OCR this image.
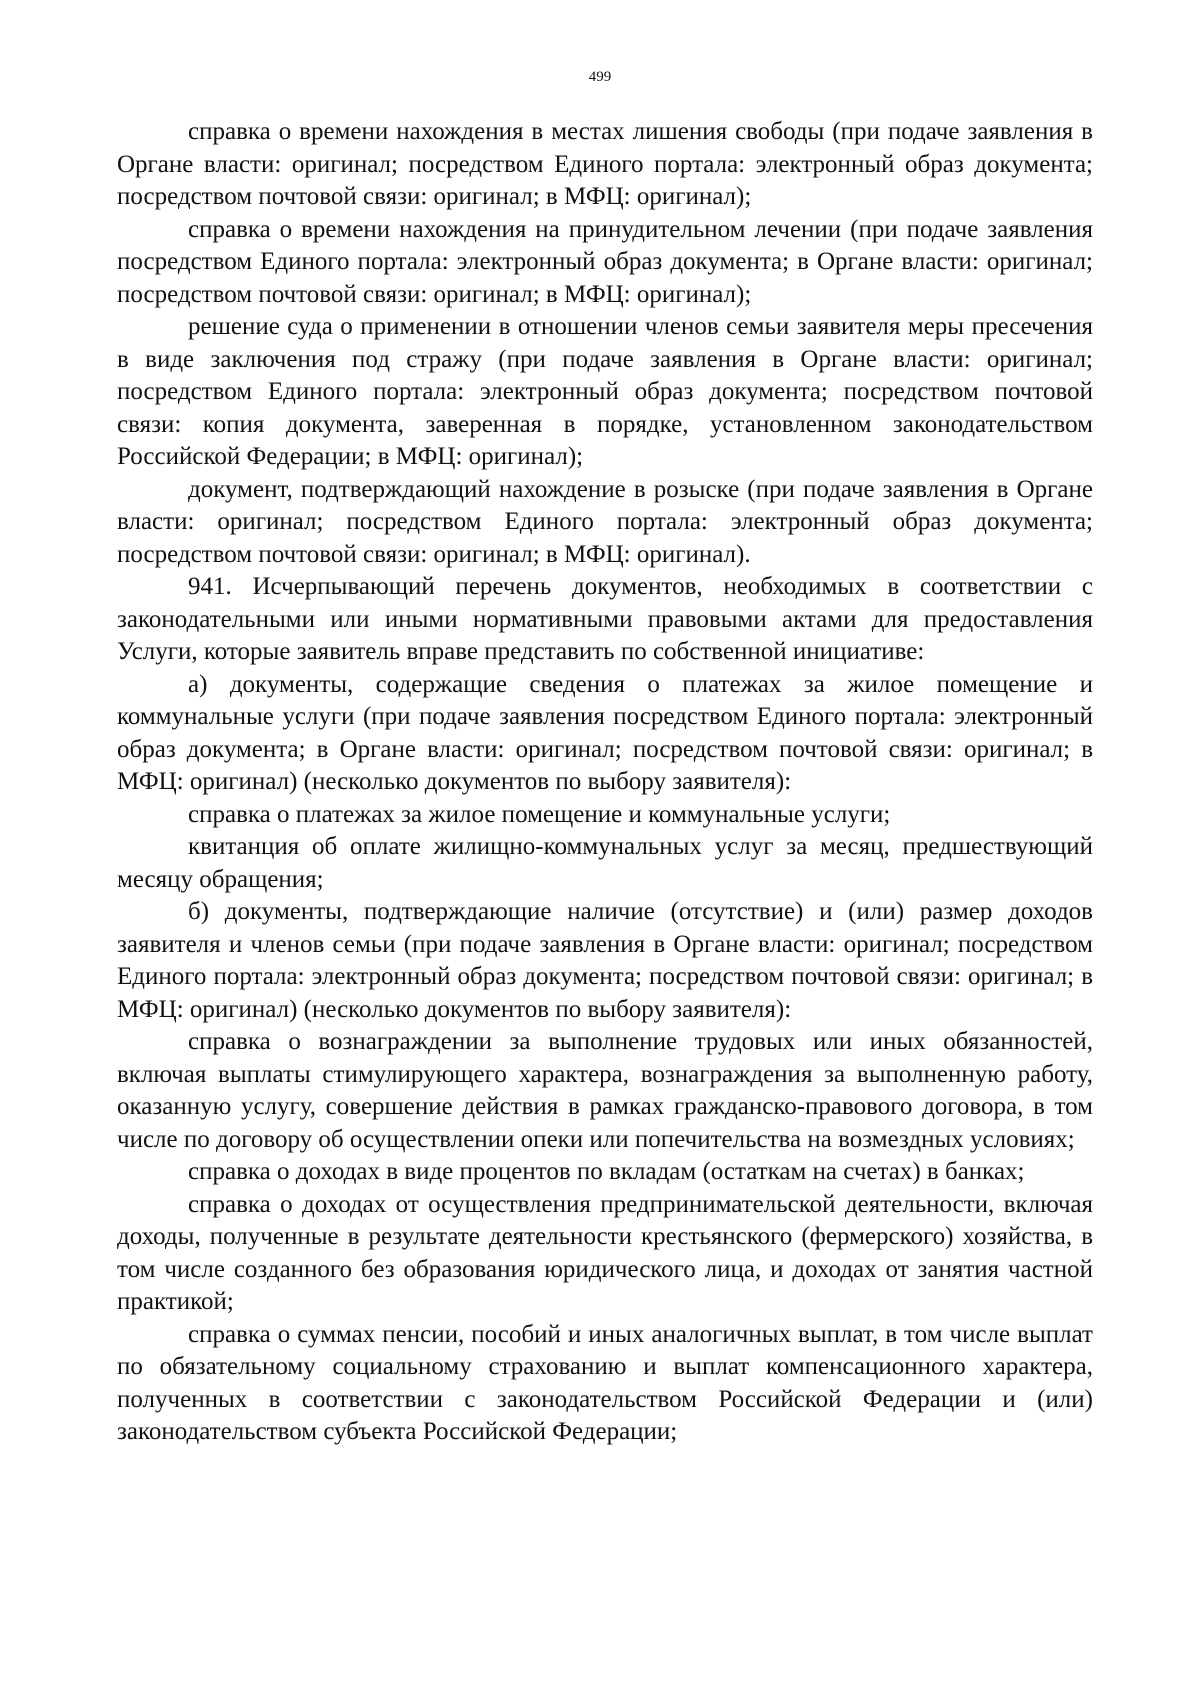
499

справка о времени нахождения в местах лишения свободы (при подаче заявления в Органе власти: оригинал; посредством Единого портала: электронный образ документа; посредством почтовой связи: оригинал; в МФЦ: оригинал);

справка о времени нахождения на принудительном лечении (при подаче заявления посредством Единого портала: электронный образ документа; в Органе власти: оригинал; посредством почтовой связи: оригинал; в МФЦ: оригинал);

решение суда о применении в отношении членов семьи заявителя меры пресечения в виде заключения под стражу (при подаче заявления в Органе власти: оригинал; посредством Единого портала: электронный образ документа; посредством почтовой связи: копия документа, заверенная в порядке, установленном законодательством Российской Федерации; в МФЦ: оригинал);

документ, подтверждающий нахождение в розыске (при подаче заявления в Органе власти: оригинал; посредством Единого портала: электронный образ документа; посредством почтовой связи: оригинал; в МФЦ: оригинал).

941. Исчерпывающий перечень документов, необходимых в соответствии с законодательными или иными нормативными правовыми актами для предоставления Услуги, которые заявитель вправе представить по собственной инициативе:

а) документы, содержащие сведения о платежах за жилое помещение и коммунальные услуги (при подаче заявления посредством Единого портала: электронный образ документа; в Органе власти: оригинал; посредством почтовой связи: оригинал; в МФЦ: оригинал) (несколько документов по выбору заявителя):

справка о платежах за жилое помещение и коммунальные услуги;

квитанция об оплате жилищно-коммунальных услуг за месяц, предшествующий месяцу обращения;

б) документы, подтверждающие наличие (отсутствие) и (или) размер доходов заявителя и членов семьи (при подаче заявления в Органе власти: оригинал; посредством Единого портала: электронный образ документа; посредством почтовой связи: оригинал; в МФЦ: оригинал) (несколько документов по выбору заявителя):

справка о вознаграждении за выполнение трудовых или иных обязанностей, включая выплаты стимулирующего характера, вознаграждения за выполненную работу, оказанную услугу, совершение действия в рамках гражданско-правового договора, в том числе по договору об осуществлении опеки или попечительства на возмездных условиях;

справка о доходах в виде процентов по вкладам (остаткам на счетах) в банках;

справка о доходах от осуществления предпринимательской деятельности, включая доходы, полученные в результате деятельности крестьянского (фермерского) хозяйства, в том числе созданного без образования юридического лица, и доходах от занятия частной практикой;

справка о суммах пенсии, пособий и иных аналогичных выплат, в том числе выплат по обязательному социальному страхованию и выплат компенсационного характера, полученных в соответствии с законодательством Российской Федерации и (или) законодательством субъекта Российской Федерации;
